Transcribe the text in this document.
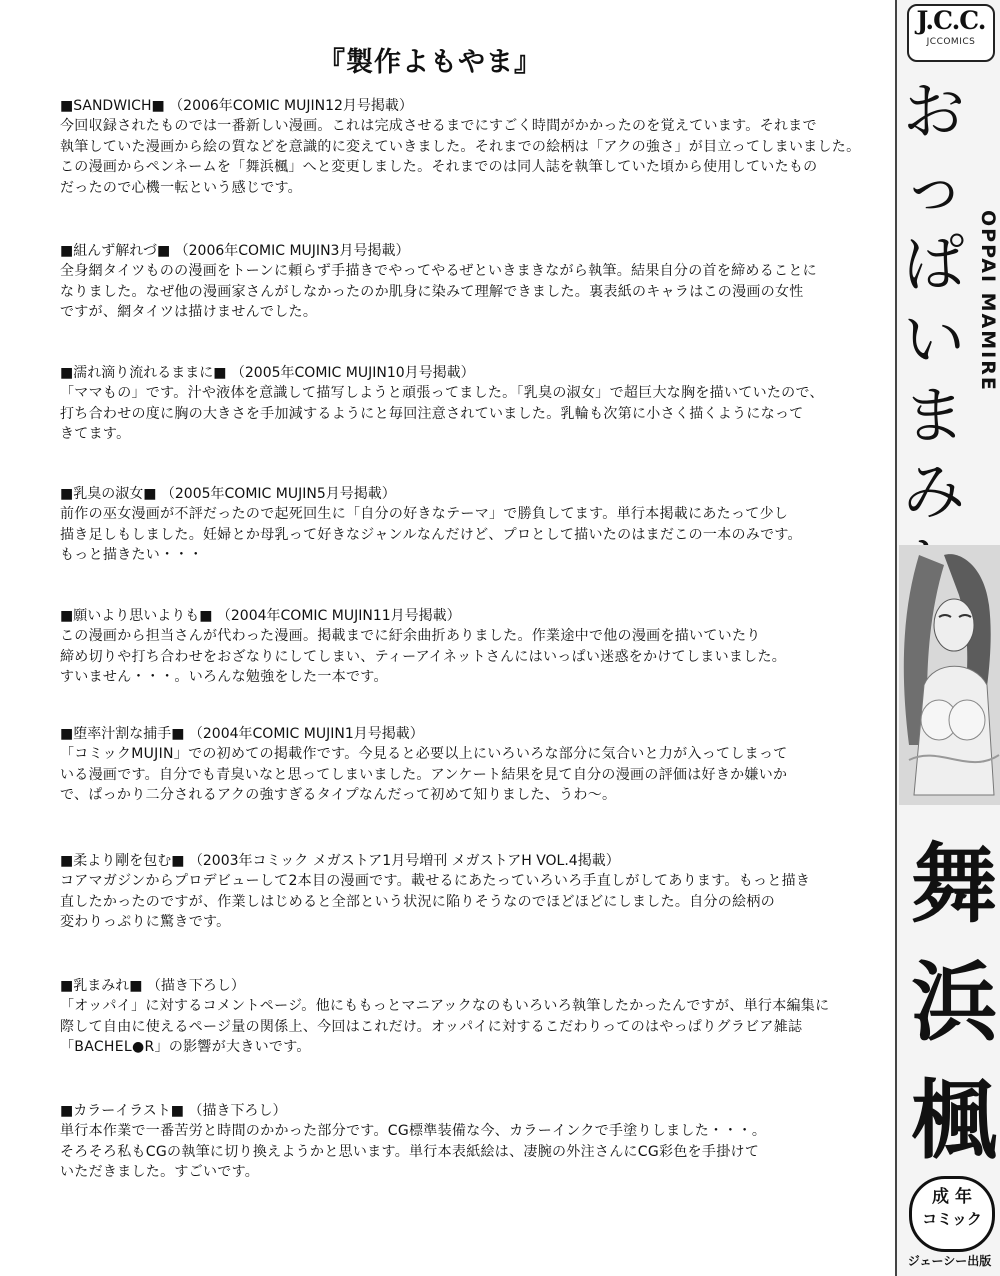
『製作よもやま』
■SANDWICH■ （2006年COMIC MUJIN12月号掲載）
今回収録されたものでは一番新しい漫画。これは完成させるまでにすごく時間がかかったのを覚えています。それまで
執筆していた漫画から絵の質などを意識的に変えていきました。それまでの絵柄は「アクの強さ」が目立ってしまいました。
この漫画からペンネームを「舞浜楓」へと変更しました。それまでのは同人誌を執筆していた頃から使用していたもの
だったので心機一転という感じです。
■組んず解れづ■ （2006年COMIC MUJIN3月号掲載）
全身網タイツものの漫画をトーンに頼らず手描きでやってやるぜといきまきながら執筆。結果自分の首を締めることに
なりました。なぜ他の漫画家さんがしなかったのか肌身に染みて理解できました。裏表紙のキャラはこの漫画の女性
ですが、網タイツは描けませんでした。
■濡れ滴り流れるままに■ （2005年COMIC MUJIN10月号掲載）
「ママもの」です。汁や液体を意識して描写しようと頑張ってました。「乳臭の淑女」で超巨大な胸を描いていたので、
打ち合わせの度に胸の大きさを手加減するようにと毎回注意されていました。乳輪も次第に小さく描くようになって
きてます。
■乳臭の淑女■ （2005年COMIC MUJIN5月号掲載）
前作の巫女漫画が不評だったので起死回生に「自分の好きなテーマ」で勝負してます。単行本掲載にあたって少し
描き足しもしました。妊婦とか母乳って好きなジャンルなんだけど、プロとして描いたのはまだこの一本のみです。
もっと描きたい・・・
■願いより思いよりも■ （2004年COMIC MUJIN11月号掲載）
この漫画から担当さんが代わった漫画。掲載までに紆余曲折ありました。作業途中で他の漫画を描いていたり
締め切りや打ち合わせをおざなりにしてしまい、ティーアイネットさんにはいっぱい迷惑をかけてしまいました。
すいません・・・。いろんな勉強をした一本です。
■堕率汁割な捕手■ （2004年COMIC MUJIN1月号掲載）
「コミックMUJIN」での初めての掲載作です。今見ると必要以上にいろいろな部分に気合いと力が入ってしまって
いる漫画です。自分でも青臭いなと思ってしまいました。アンケート結果を見て自分の漫画の評価は好きか嫌いか
で、ぱっかり二分されるアクの強すぎるタイプなんだって初めて知りました、うわ～。
■柔より剛を包む■ （2003年コミック メガストア1月号増刊 メガストアH VOL.4掲載）
コアマガジンからプロデビューして2本目の漫画です。載せるにあたっていろいろ手直しがしてあります。もっと描き
直したかったのですが、作業しはじめると全部という状況に陥りそうなのでほどほどにしました。自分の絵柄の
変わりっぷりに驚きです。
■乳まみれ■ （描き下ろし）
「オッパイ」に対するコメントページ。他にももっとマニアックなのもいろいろ執筆したかったんですが、単行本編集に
際して自由に使えるページ量の関係上、今回はこれだけ。オッパイに対するこだわりってのはやっぱりグラビア雑誌
「BACHEL●R」の影響が大きいです。
■カラーイラスト■ （描き下ろし）
単行本作業で一番苦労と時間のかかった部分です。CG標準装備な今、カラーインクで手塗りしました・・・。
そろそろ私もCGの執筆に切り換えようかと思います。単行本表紙絵は、凄腕の外注さんにCG彩色を手掛けて
いただきました。すごいです。
J.C.C.
JCCOMICS
お
っ
ぱ
い
ま
み
OPPAI MAMIRE
舞
浜
楓
成 年
コミック
ジェーシー出版
